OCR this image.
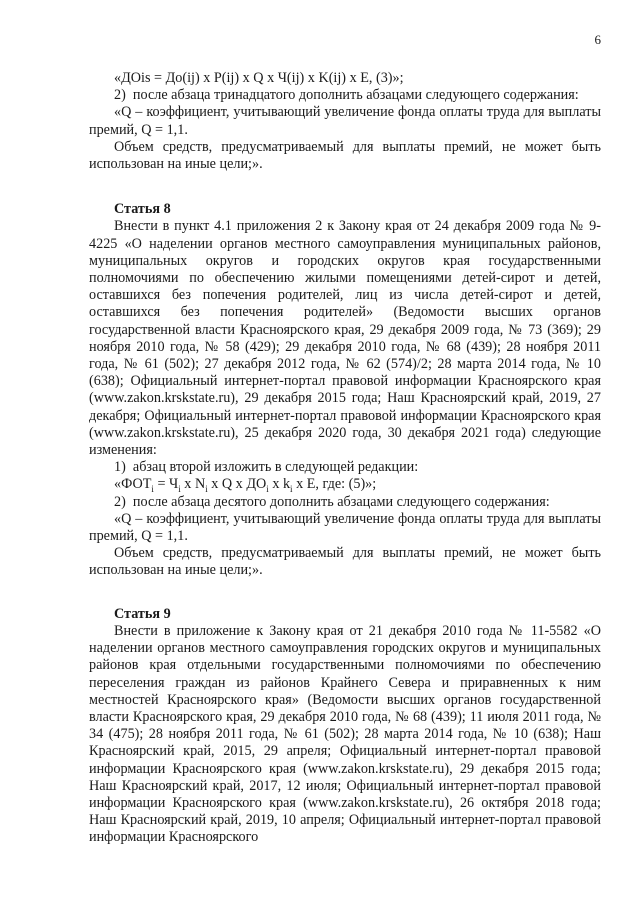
6

«ДОis = До(ij) x P(ij) x Q x Ч(ij) x K(ij) x E, (3)»;

2)  после абзаца тринадцатого дополнить абзацами следующего содержания:

«Q – коэффициент, учитывающий увеличение фонда оплаты труда для выплаты премий, Q = 1,1.

Объем средств, предусматриваемый для выплаты премий, не может быть использован на иные цели;».

Статья 8

Внести в пункт 4.1 приложения 2 к Закону края от 24 декабря 2009 года № 9-4225 «О наделении органов местного самоуправления муниципальных районов, муниципальных округов и городских округов края государственными полномочиями по обеспечению жилыми помещениями детей-сирот и детей, оставшихся без попечения родителей, лиц из числа детей-сирот и детей, оставшихся без попечения родителей» (Ведомости высших органов государственной власти Красноярского края, 29 декабря 2009 года, № 73 (369); 29 ноября 2010 года, № 58 (429); 29 декабря 2010 года, № 68 (439); 28 ноября 2011 года, № 61 (502); 27 декабря 2012 года, № 62 (574)/2; 28 марта 2014 года, № 10 (638); Официальный интернет-портал правовой информации Красноярского края (www.zakon.krskstate.ru), 29 декабря 2015 года; Наш Красноярский край, 2019, 27 декабря; Официальный интернет-портал правовой информации Красноярского края (www.zakon.krskstate.ru), 25 декабря 2020 года, 30 декабря 2021 года) следующие изменения:

1)  абзац второй изложить в следующей редакции:

«$ФОТ_i = Ч_i$ x $N_i$ x Q x $ДО_i$ x $k_i$ x E, где: (5)»;

2)  после абзаца десятого дополнить абзацами следующего содержания:

«Q – коэффициент, учитывающий увеличение фонда оплаты труда для выплаты премий, Q = 1,1.

Объем средств, предусматриваемый для выплаты премий, не может быть использован на иные цели;».

Статья 9

Внести в приложение к Закону края от 21 декабря 2010 года № 11-5582 «О наделении органов местного самоуправления городских округов и муниципальных районов края отдельными государственными полномочиями по обеспечению переселения граждан из районов Крайнего Севера и приравненных к ним местностей Красноярского края» (Ведомости высших органов государственной власти Красноярского края, 29 декабря 2010 года, № 68 (439); 11 июля 2011 года, № 34 (475); 28 ноября 2011 года, № 61 (502); 28 марта 2014 года, № 10 (638); Наш Красноярский край, 2015, 29 апреля; Официальный интернет-портал правовой информации Красноярского края (www.zakon.krskstate.ru), 29 декабря 2015 года; Наш Красноярский край, 2017, 12 июля; Официальный интернет-портал правовой информации Красноярского края (www.zakon.krskstate.ru), 26 октября 2018 года; Наш Красноярский край, 2019, 10 апреля; Официальный интернет-портал правовой информации Красноярского
